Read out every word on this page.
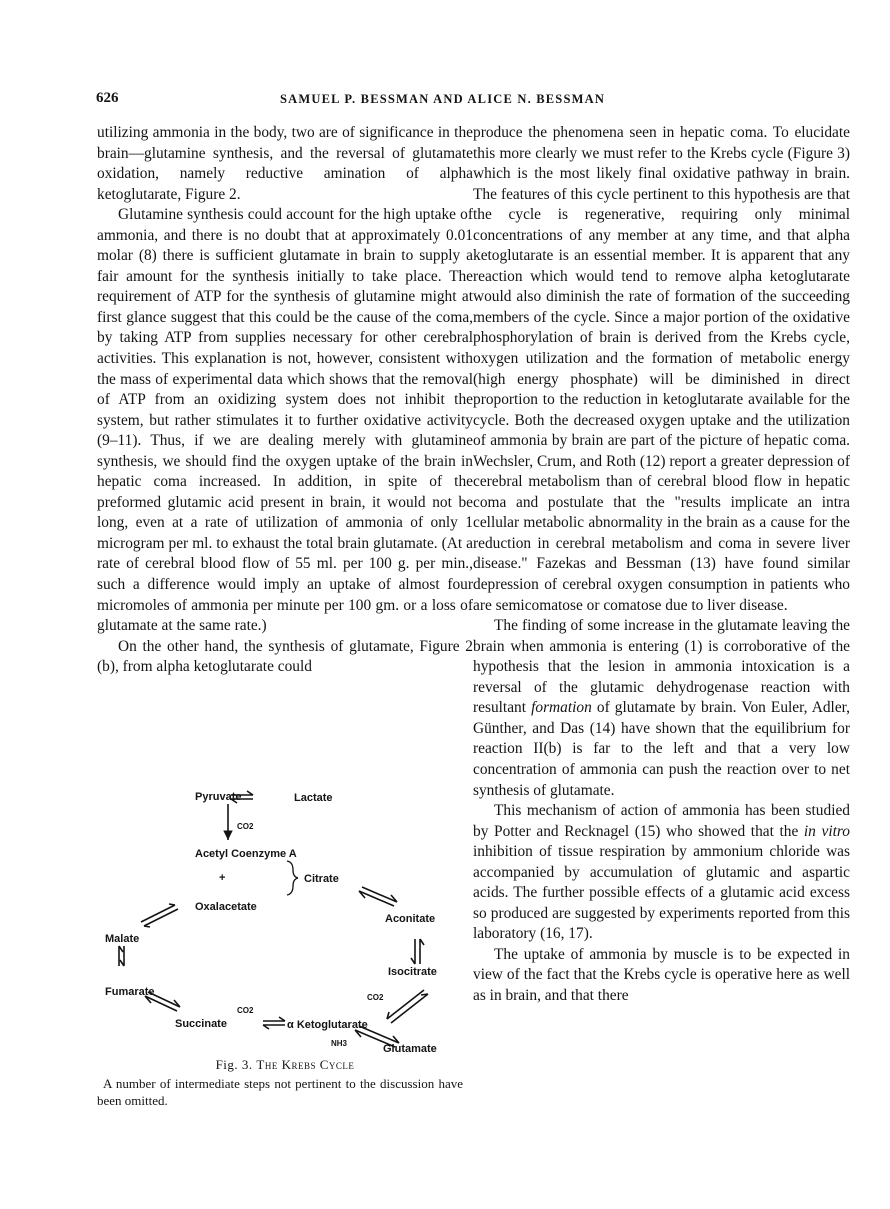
626	SAMUEL P. BESSMAN AND ALICE N. BESSMAN

utilizing ammonia in the body, two are of significance in the brain—glutamine synthesis, and the reversal of glutamate oxidation, namely reductive amination of alpha ketoglutarate, Figure 2.

Glutamine synthesis could account for the high uptake of ammonia, and there is no doubt that at approximately 0.01 molar (8) there is sufficient glutamate in brain to supply a fair amount for the synthesis initially to take place. The requirement of ATP for the synthesis of glutamine might at first glance suggest that this could be the cause of the coma, by taking ATP from supplies necessary for other cerebral activities. This explanation is not, however, consistent with the mass of experimental data which shows that the removal of ATP from an oxidizing system does not inhibit the system, but rather stimulates it to further oxidative activity (9–11). Thus, if we are dealing merely with glutamine synthesis, we should find the oxygen uptake of the brain in hepatic coma increased. In addition, in spite of the preformed glutamic acid present in brain, it would not be long, even at a rate of utilization of ammonia of only 1 microgram per ml. to exhaust the total brain glutamate. (At a rate of cerebral blood flow of 55 ml. per 100 g. per min., such a difference would imply an uptake of almost four micromoles of ammonia per minute per 100 gm. or a loss of glutamate at the same rate.)

On the other hand, the synthesis of glutamate, Figure 2 (b), from alpha ketoglutarate could

Pyruvate	Lactate
CO2
Acetyl Coenzyme A
+	Citrate
Oxalacetate
Aconitate
Malate
Isocitrate
Fumarate	CO2
CO2
Succinate	α Ketoglutarate
NH3	Glutamate
Fig. 3. The Krebs Cycle
A number of intermediate steps not pertinent to the discussion have been omitted.

produce the phenomena seen in hepatic coma. To elucidate this more clearly we must refer to the Krebs cycle (Figure 3) which is the most likely final oxidative pathway in brain. The features of this cycle pertinent to this hypothesis are that the cycle is regenerative, requiring only minimal concentrations of any member at any time, and that alpha ketoglutarate is an essential member. It is apparent that any reaction which would tend to remove alpha ketoglutarate would also diminish the rate of formation of the succeeding members of the cycle. Since a major portion of the oxidative phosphorylation of brain is derived from the Krebs cycle, oxygen utilization and the formation of metabolic energy (high energy phosphate) will be diminished in direct proportion to the reduction in ketoglutarate available for the cycle. Both the decreased oxygen uptake and the utilization of ammonia by brain are part of the picture of hepatic coma. Wechsler, Crum, and Roth (12) report a greater depression of cerebral metabolism than of cerebral blood flow in hepatic coma and postulate that the "results implicate an intra cellular metabolic abnormality in the brain as a cause for the reduction in cerebral metabolism and coma in severe liver disease." Fazekas and Bessman (13) have found similar depression of cerebral oxygen consumption in patients who are semicomatose or comatose due to liver disease.

The finding of some increase in the glutamate leaving the brain when ammonia is entering (1) is corroborative of the hypothesis that the lesion in ammonia intoxication is a reversal of the glutamic dehydrogenase reaction with resultant formation of glutamate by brain. Von Euler, Adler, Günther, and Das (14) have shown that the equilibrium for reaction II(b) is far to the left and that a very low concentration of ammonia can push the reaction over to net synthesis of glutamate.

This mechanism of action of ammonia has been studied by Potter and Recknagel (15) who showed that the in vitro inhibition of tissue respiration by ammonium chloride was accompanied by accumulation of glutamic and aspartic acids. The further possible effects of a glutamic acid excess so produced are suggested by experiments reported from this laboratory (16, 17).

The uptake of ammonia by muscle is to be expected in view of the fact that the Krebs cycle is operative here as well as in brain, and that there
